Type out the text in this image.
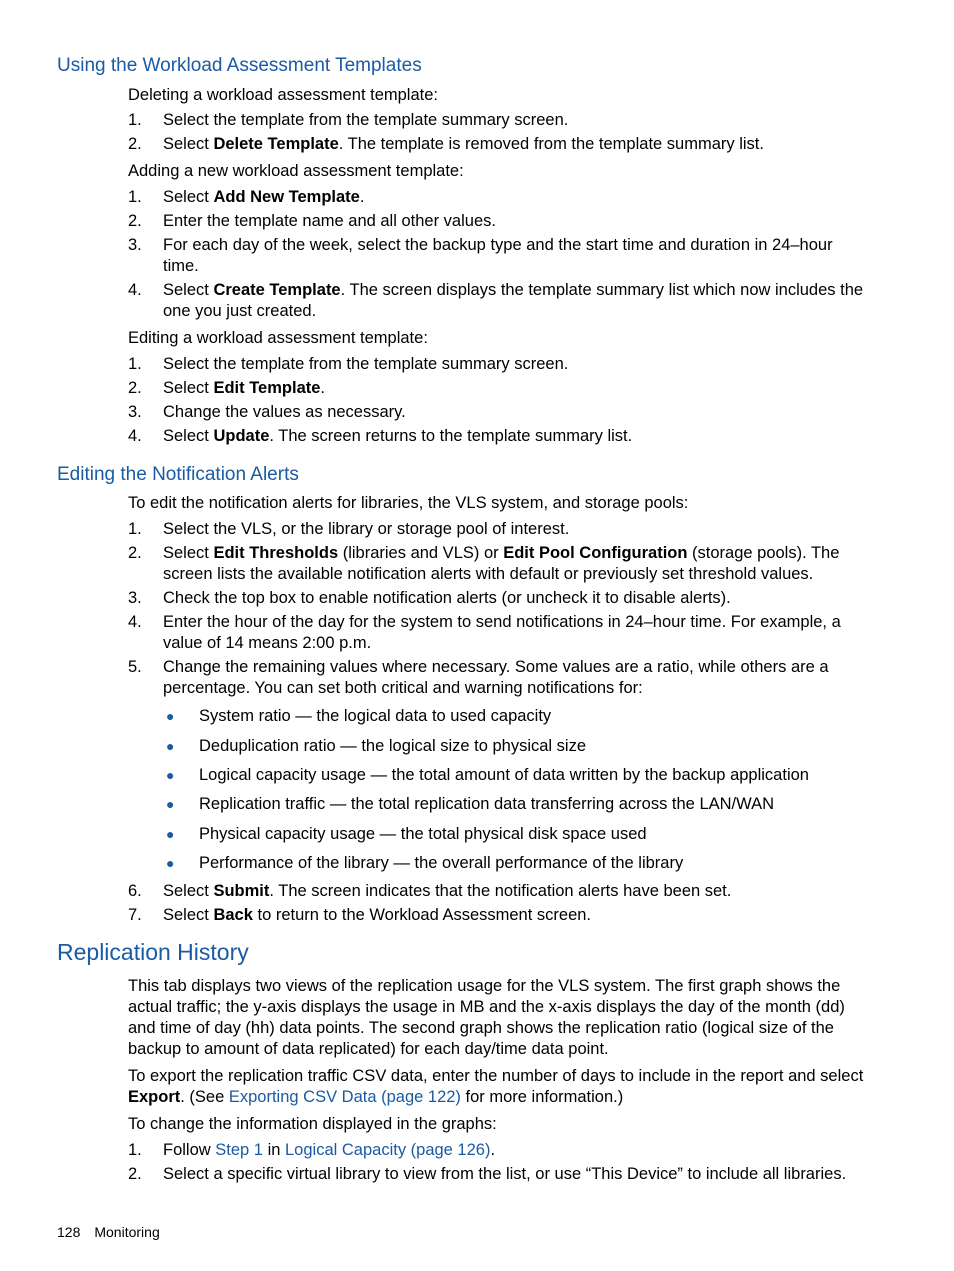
Using the Workload Assessment Templates

Deleting a workload assessment template:

1. Select the template from the template summary screen.
2. Select Delete Template. The template is removed from the template summary list.

Adding a new workload assessment template:

1. Select Add New Template.
2. Enter the template name and all other values.
3. For each day of the week, select the backup type and the start time and duration in 24–hour time.
4. Select Create Template. The screen displays the template summary list which now includes the one you just created.

Editing a workload assessment template:

1. Select the template from the template summary screen.
2. Select Edit Template.
3. Change the values as necessary.
4. Select Update. The screen returns to the template summary list.
Editing the Notification Alerts

To edit the notification alerts for libraries, the VLS system, and storage pools:

1. Select the VLS, or the library or storage pool of interest.
2. Select Edit Thresholds (libraries and VLS) or Edit Pool Configuration (storage pools). The screen lists the available notification alerts with default or previously set threshold values.
3. Check the top box to enable notification alerts (or uncheck it to disable alerts).
4. Enter the hour of the day for the system to send notifications in 24–hour time. For example, a value of 14 means 2:00 p.m.
5. Change the remaining values where necessary. Some values are a ratio, while others are a percentage. You can set both critical and warning notifications for:
● System ratio — the logical data to used capacity
● Deduplication ratio — the logical size to physical size
● Logical capacity usage — the total amount of data written by the backup application
● Replication traffic — the total replication data transferring across the LAN/WAN
● Physical capacity usage — the total physical disk space used
● Performance of the library — the overall performance of the library
6. Select Submit. The screen indicates that the notification alerts have been set.
7. Select Back to return to the Workload Assessment screen.
Replication History

This tab displays two views of the replication usage for the VLS system. The first graph shows the actual traffic; the y-axis displays the usage in MB and the x-axis displays the day of the month (dd) and time of day (hh) data points. The second graph shows the replication ratio (logical size of the backup to amount of data replicated) for each day/time data point.

To export the replication traffic CSV data, enter the number of days to include in the report and select Export. (See Exporting CSV Data (page 122) for more information.)

To change the information displayed in the graphs:

1. Follow Step 1 in Logical Capacity (page 126).
2. Select a specific virtual library to view from the list, or use “This Device” to include all libraries.
128 Monitoring
